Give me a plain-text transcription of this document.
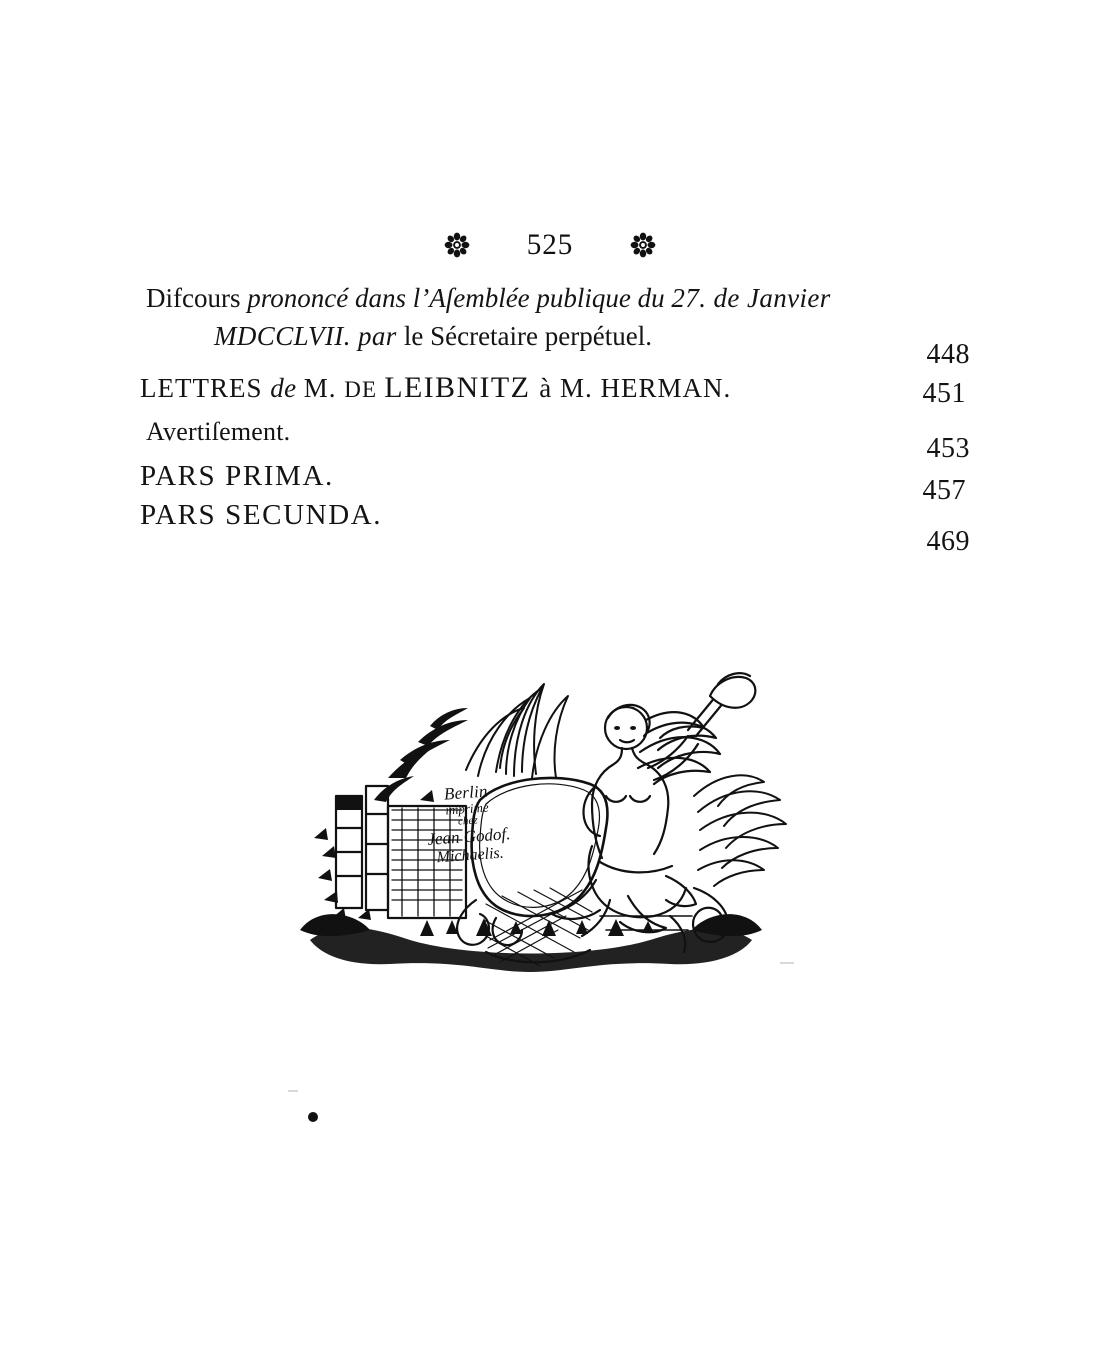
525
Difcours prononcé dans l’Aſemblée publique du 27. de Janvier
MDCCLVII. par le Sécretaire perpétuel.
448
LETTRES de M. DE LEIBNITZ à M. HERMAN.	451
Avertiſement.
453
PARS PRIMA.	457
PARS SECUNDA.
469
Berlin
imprimé
chez
Jean Godof.
Michaelis.
